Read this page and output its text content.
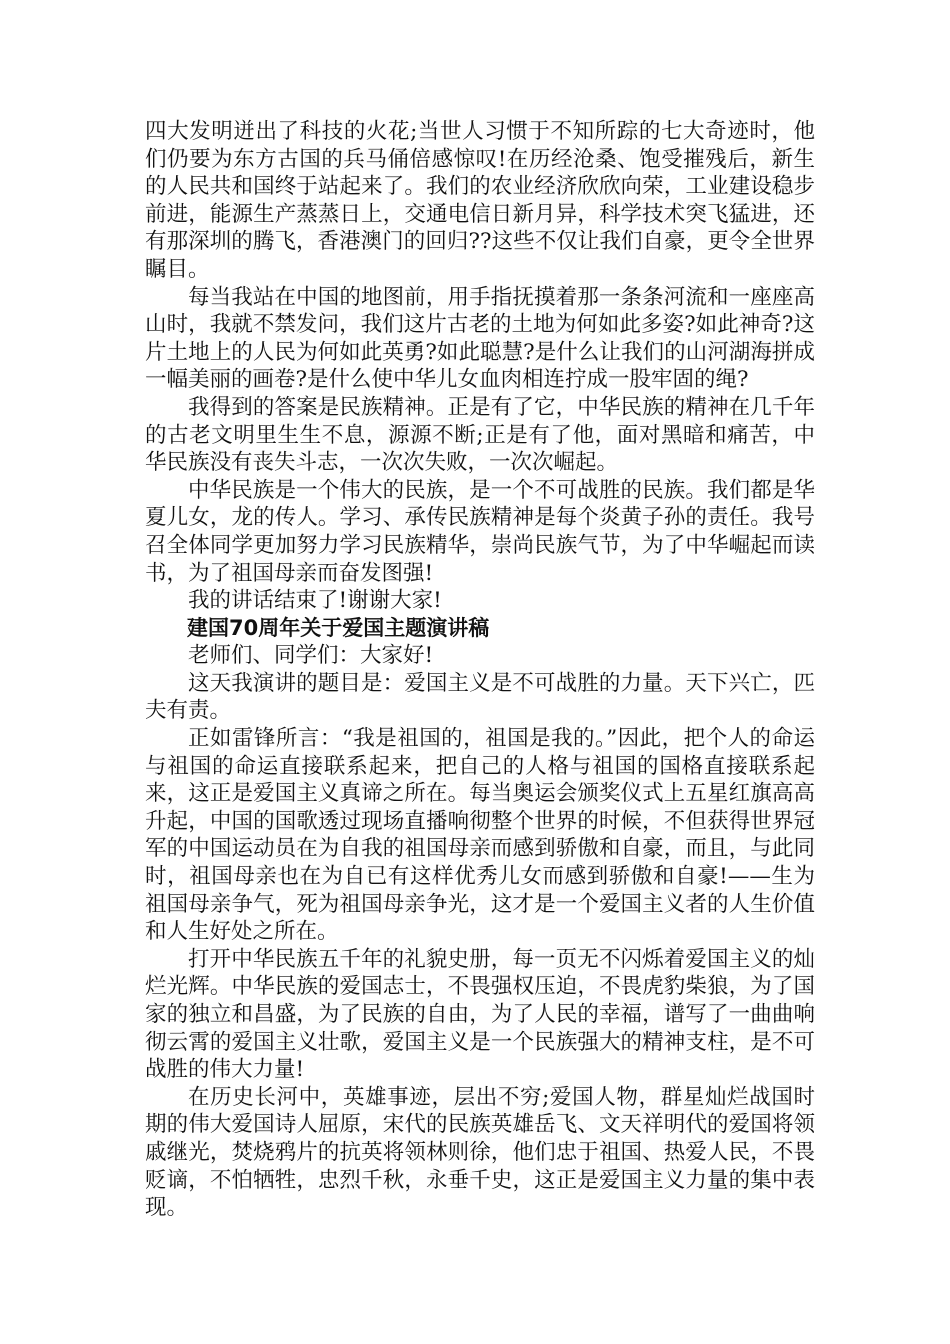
四大发明迸出了科技的火花;当世人习惯于不知所踪的七大奇迹时，他们仍要为东方古国的兵马俑倍感惊叹!在历经沧桑、饱受摧残后，新生的人民共和国终于站起来了。我们的农业经济欣欣向荣，工业建设稳步前进，能源生产蒸蒸日上，交通电信日新月异，科学技术突飞猛进，还有那深圳的腾飞，香港澳门的回归??这些不仅让我们自豪，更令全世界瞩目。

每当我站在中国的地图前，用手指抚摸着那一条条河流和一座座高山时，我就不禁发问，我们这片古老的土地为何如此多姿?如此神奇?这片土地上的人民为何如此英勇?如此聪慧?是什么让我们的山河湖海拼成一幅美丽的画卷?是什么使中华儿女血肉相连拧成一股牢固的绳?

我得到的答案是民族精神。正是有了它，中华民族的精神在几千年的古老文明里生生不息，源源不断;正是有了他，面对黑暗和痛苦，中华民族没有丧失斗志，一次次失败，一次次崛起。

中华民族是一个伟大的民族，是一个不可战胜的民族。我们都是华夏儿女，龙的传人。学习、承传民族精神是每个炎黄子孙的责任。我号召全体同学更加努力学习民族精华，崇尚民族气节，为了中华崛起而读书，为了祖国母亲而奋发图强!

我的讲话结束了!谢谢大家!

建国70周年关于爱国主题演讲稿

老师们、同学们：大家好!

这天我演讲的题目是：爱国主义是不可战胜的力量。天下兴亡，匹夫有责。

正如雷锋所言：“我是祖国的，祖国是我的。”因此，把个人的命运与祖国的命运直接联系起来，把自己的人格与祖国的国格直接联系起来，这正是爱国主义真谛之所在。每当奥运会颁奖仪式上五星红旗高高升起，中国的国歌透过现场直播响彻整个世界的时候，不但获得世界冠军的中国运动员在为自我的祖国母亲而感到骄傲和自豪，而且，与此同时，祖国母亲也在为自已有这样优秀儿女而感到骄傲和自豪!——生为祖国母亲争气，死为祖国母亲争光，这才是一个爱国主义者的人生价值和人生好处之所在。

打开中华民族五千年的礼貌史册，每一页无不闪烁着爱国主义的灿烂光辉。中华民族的爱国志士，不畏强权压迫，不畏虎豹柴狼，为了国家的独立和昌盛，为了民族的自由，为了人民的幸福，谱写了一曲曲响彻云霄的爱国主义壮歌，爱国主义是一个民族强大的精神支柱，是不可战胜的伟大力量!

在历史长河中，英雄事迹，层出不穷;爱国人物，群星灿烂战国时期的伟大爱国诗人屈原，宋代的民族英雄岳飞、文天祥明代的爱国将领戚继光，焚烧鸦片的抗英将领林则徐，他们忠于祖国、热爱人民，不畏贬谪，不怕牺牲，忠烈千秋，永垂千史，这正是爱国主义力量的集中表现。
